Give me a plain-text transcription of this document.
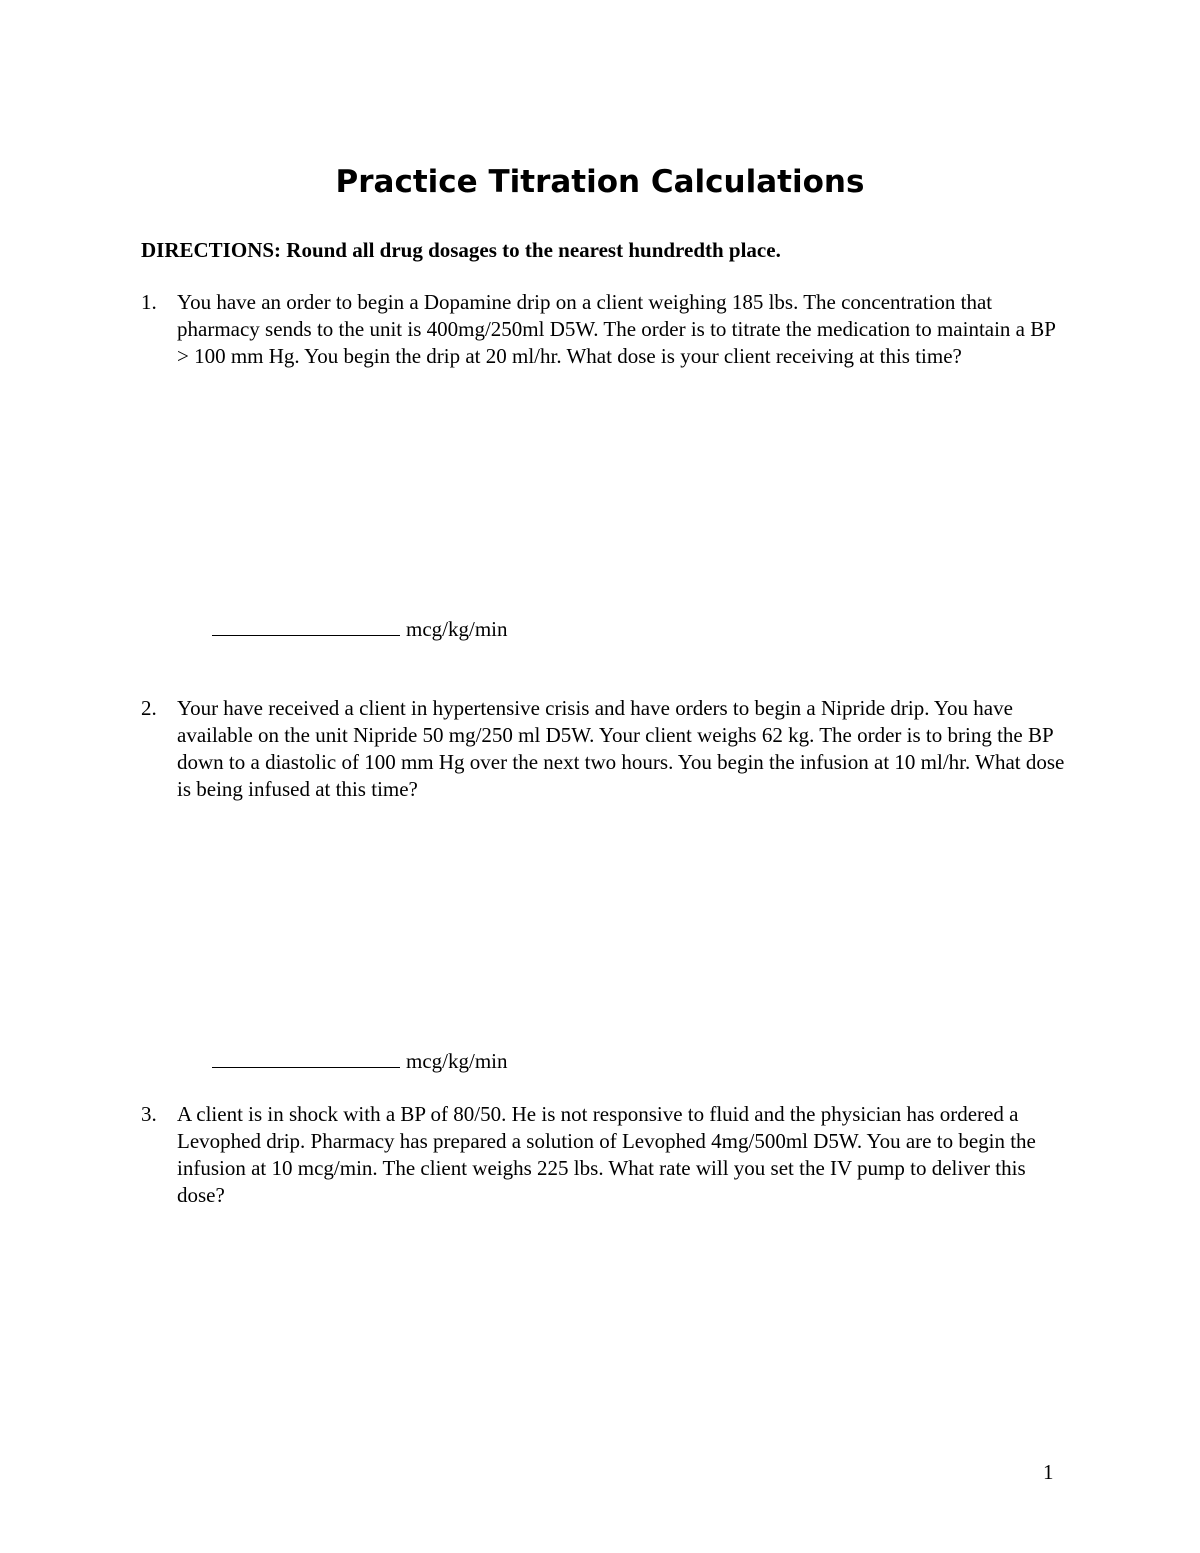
Practice Titration Calculations

DIRECTIONS: Round all drug dosages to the nearest hundredth place.

1. You have an order to begin a Dopamine drip on a client weighing 185 lbs. The concentration that pharmacy sends to the unit is 400mg/250ml D5W. The order is to titrate the medication to maintain a BP > 100 mm Hg. You begin the drip at 20 ml/hr. What dose is your client receiving at this time?
mcg/kg/min
2. Your have received a client in hypertensive crisis and have orders to begin a Nipride drip. You have available on the unit Nipride 50 mg/250 ml D5W. Your client weighs 62 kg. The order is to bring the BP down to a diastolic of 100 mm Hg over the next two hours. You begin the infusion at 10 ml/hr. What dose is being infused at this time?
mcg/kg/min
3. A client is in shock with a BP of 80/50. He is not responsive to fluid and the physician has ordered a Levophed drip. Pharmacy has prepared a solution of Levophed 4mg/500ml D5W. You are to begin the infusion at 10 mcg/min. The client weighs 225 lbs. What rate will you set the IV pump to deliver this dose?

1
